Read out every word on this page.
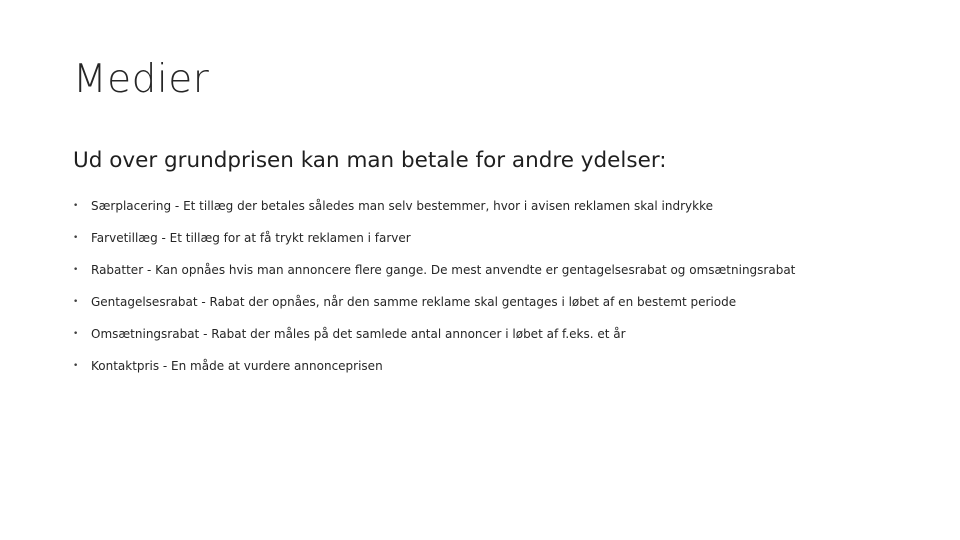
Medier
Ud over grundprisen kan man betale for andre ydelser:
•	Særplacering - Et tillæg der betales således man selv bestemmer, hvor i avisen reklamen skal indrykke
•	Farvetillæg - Et tillæg for at få trykt reklamen i farver
•	Rabatter - Kan opnåes hvis man annoncere flere gange. De mest anvendte er gentagelsesrabat og omsætningsrabat
•	Gentagelsesrabat - Rabat der opnåes, når den samme reklame skal gentages i løbet af en bestemt periode
•	Omsætningsrabat - Rabat der måles på det samlede antal annoncer i løbet af f.eks. et år
•	Kontaktpris - En måde at vurdere annonceprisen
